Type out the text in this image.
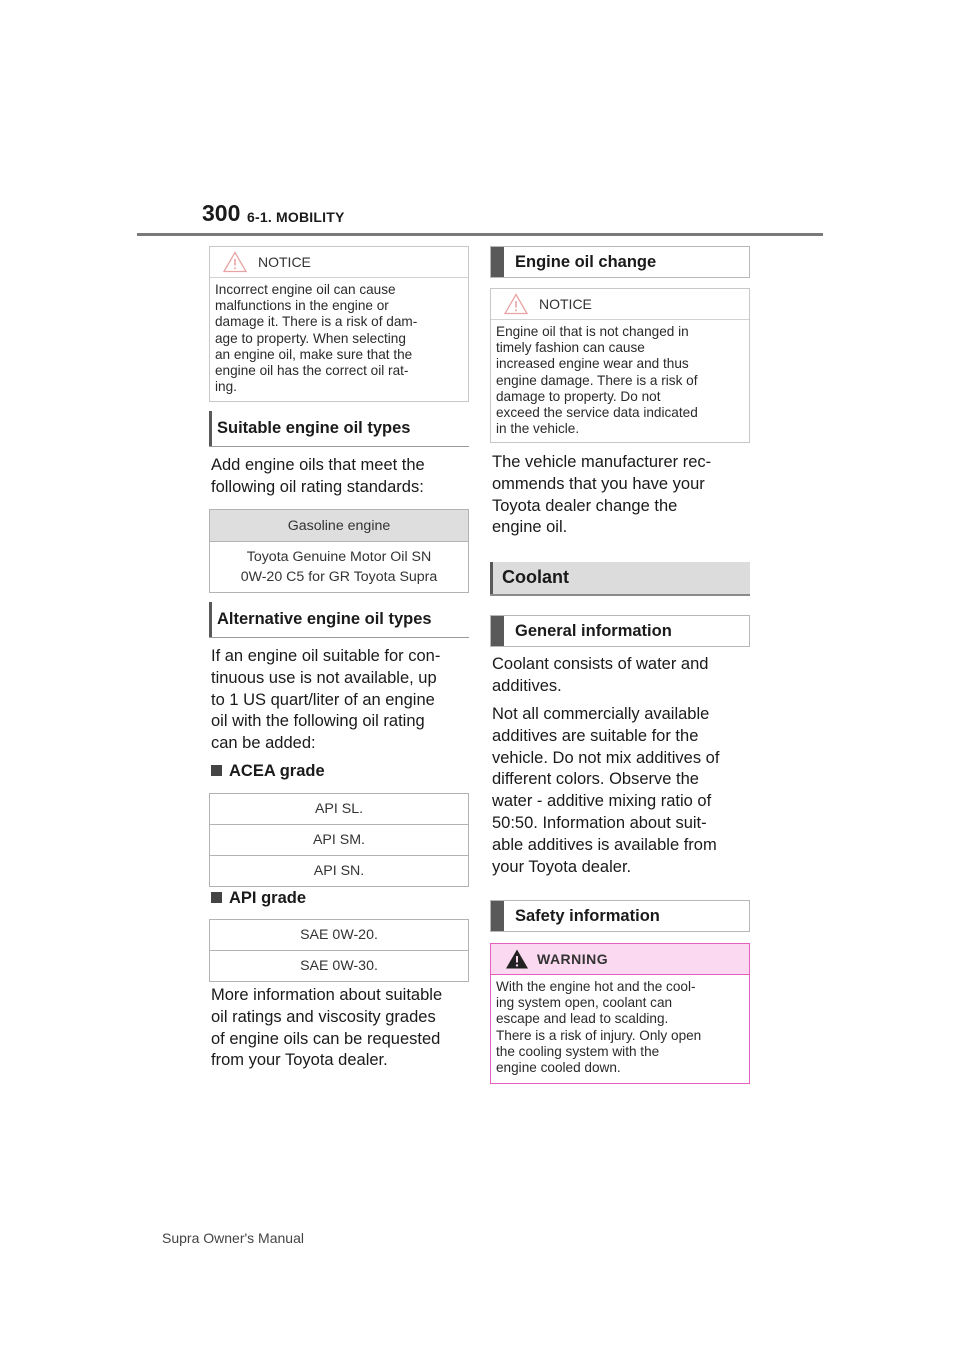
300 6-1. MOBILITY
NOTICE
Incorrect engine oil can cause
malfunctions in the engine or
damage it. There is a risk of dam-
age to property. When selecting
an engine oil, make sure that the
engine oil has the correct oil rat-
ing.
Suitable engine oil types
Add engine oils that meet the
following oil rating standards:
Gasoline engine

Toyota Genuine Motor Oil SN
0W-20 C5 for GR Toyota Supra
Alternative engine oil types
If an engine oil suitable for con-
tinuous use is not available, up
to 1 US quart/liter of an engine
oil with the following oil rating
can be added:
ACEA grade
API SL.
API SM.
API SN.
API grade
SAE 0W-20.
SAE 0W-30.
More information about suitable
oil ratings and viscosity grades
of engine oils can be requested
from your Toyota dealer.
Engine oil change
NOTICE
Engine oil that is not changed in
timely fashion can cause
increased engine wear and thus
engine damage. There is a risk of
damage to property. Do not
exceed the service data indicated
in the vehicle.
The vehicle manufacturer rec-
ommends that you have your
Toyota dealer change the
engine oil.
Coolant
General information
Coolant consists of water and
additives.
Not all commercially available
additives are suitable for the
vehicle. Do not mix additives of
different colors. Observe the
water - additive mixing ratio of
50:50. Information about suit-
able additives is available from
your Toyota dealer.
Safety information
WARNING
With the engine hot and the cool-
ing system open, coolant can
escape and lead to scalding.
There is a risk of injury. Only open
the cooling system with the
engine cooled down.
Supra Owner's Manual
